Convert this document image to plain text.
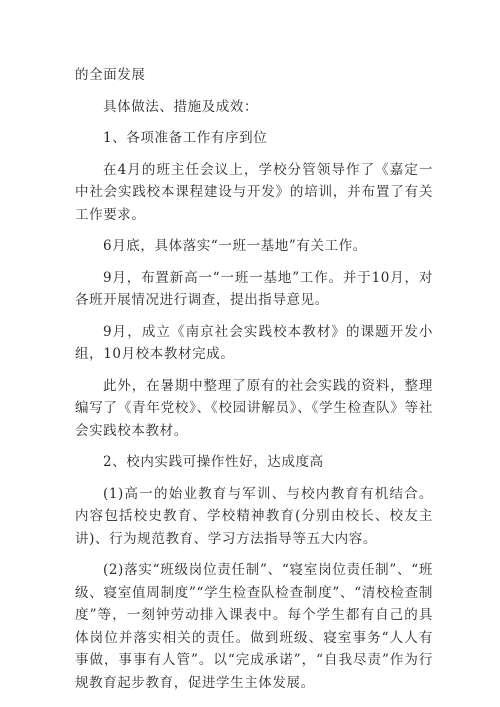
的全面发展

具体做法、措施及成效：

1、各项准备工作有序到位

在4月的班主任会议上，学校分管领导作了《嘉定一中社会实践校本课程建设与开发》的培训，并布置了有关工作要求。

6月底，具体落实“一班一基地”有关工作。

9月，布置新高一“一班一基地”工作。并于10月，对各班开展情况进行调查，提出指导意见。

9月，成立《南京社会实践校本教材》的课题开发小组，10月校本教材完成。

此外，在暑期中整理了原有的社会实践的资料，整理编写了《青年党校》、《校园讲解员》、《学生检查队》等社会实践校本教材。

2、校内实践可操作性好，达成度高

(1)高一的始业教育与军训、与校内教育有机结合。内容包括校史教育、学校精神教育(分别由校长、校友主讲)、行为规范教育、学习方法指导等五大内容。

(2)落实“班级岗位责任制”、“寝室岗位责任制”、“班级、寝室值周制度”“学生检查队检查制度”、“清校检查制度”等，一刻钟劳动排入课表中。每个学生都有自己的具体岗位并落实相关的责任。做到班级、寝室事务“人人有事做，事事有人管”。以“完成承诺”，“自我尽责”作为行规教育起步教育，促进学生主体发展。
